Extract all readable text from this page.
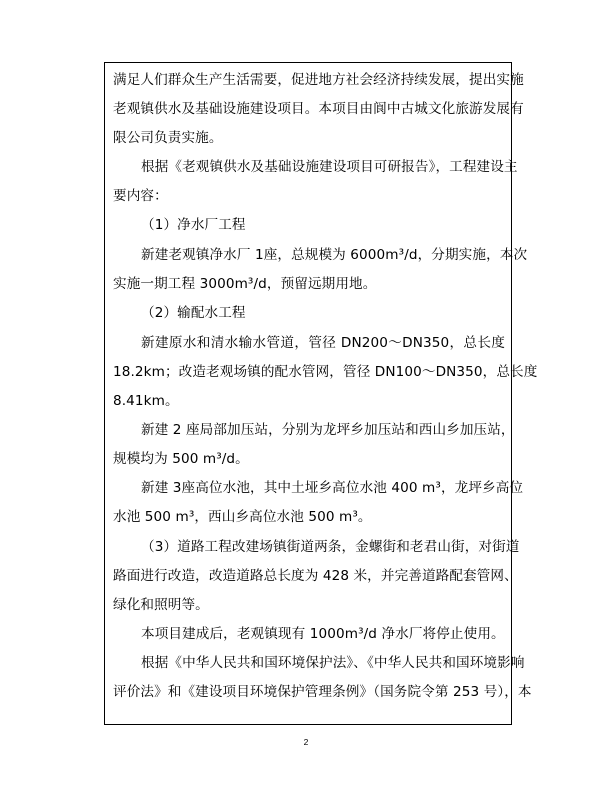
满足人们群众生产生活需要，促进地方社会经济持续发展，提出实施
老观镇供水及基础设施建设项目。本项目由阆中古城文化旅游发展有
限公司负责实施。
根据《老观镇供水及基础设施建设项目可研报告》，工程建设主
要内容：
（1）净水厂工程
新建老观镇净水厂 1座，总规模为 6000m³/d，分期实施，本次
实施一期工程 3000m³/d，预留远期用地。
（2）输配水工程
新建原水和清水输水管道，管径 DN200～DN350，总长度
18.2km；改造老观场镇的配水管网，管径 DN100～DN350，总长度
8.41km。
新建 2 座局部加压站，分别为龙坪乡加压站和西山乡加压站，
规模均为 500 m³/d。
新建 3座高位水池，其中土垭乡高位水池 400 m³，龙坪乡高位
水池 500 m³，西山乡高位水池 500 m³。
（3）道路工程改建场镇街道两条，金螺街和老君山街，对街道
路面进行改造，改造道路总长度为 428 米，并完善道路配套管网、
绿化和照明等。
本项目建成后，老观镇现有 1000m³/d 净水厂将停止使用。
根据《中华人民共和国环境保护法》、《中华人民共和国环境影响
评价法》和《建设项目环境保护管理条例》（国务院令第 253 号），本
2
